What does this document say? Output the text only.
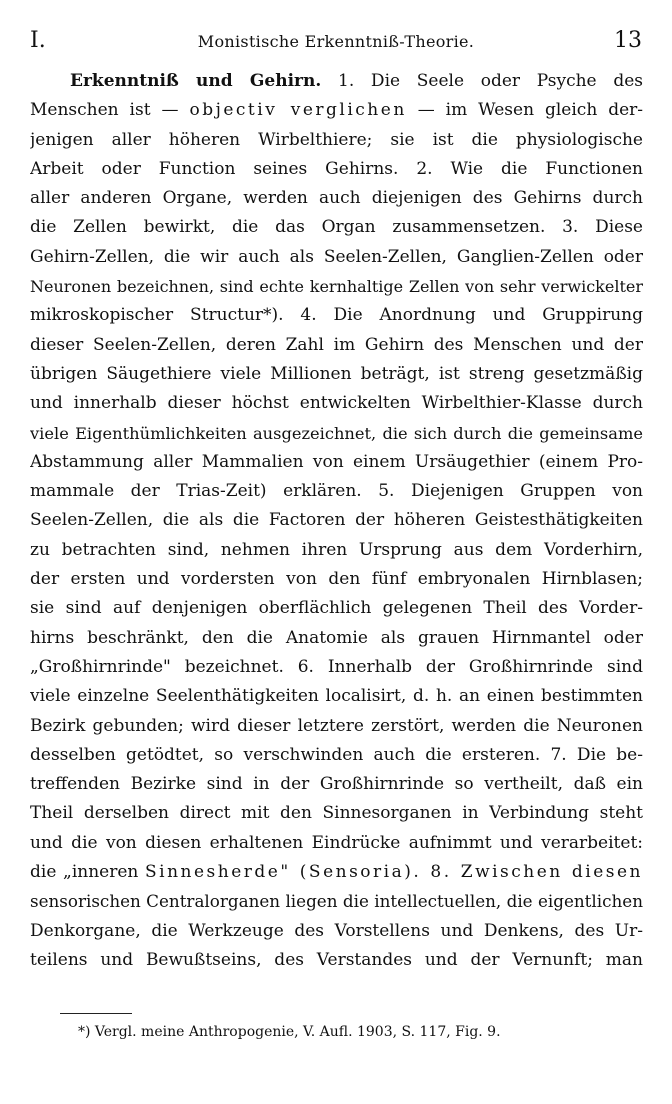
I.	Monistische Erkenntniß-Theorie.	13
Erkenntniß und Gehirn. 1. Die Seele oder Psyche des
Menschen ist — objectiv verglichen — im Wesen gleich der-
jenigen aller höheren Wirbelthiere; sie ist die physiologische
Arbeit oder Function seines Gehirns. 2. Wie die Functionen
aller anderen Organe, werden auch diejenigen des Gehirns durch
die Zellen bewirkt, die das Organ zusammensetzen. 3. Diese
Gehirn-Zellen, die wir auch als Seelen-Zellen, Ganglien-Zellen oder
Neuronen bezeichnen, sind echte kernhaltige Zellen von sehr verwickelter
mikroskopischer Structur*). 4. Die Anordnung und Gruppirung
dieser Seelen-Zellen, deren Zahl im Gehirn des Menschen und der
übrigen Säugethiere viele Millionen beträgt, ist streng gesetzmäßig
und innerhalb dieser höchst entwickelten Wirbelthier-Klasse durch
viele Eigenthümlichkeiten ausgezeichnet, die sich durch die gemeinsame
Abstammung aller Mammalien von einem Ursäugethier (einem Pro-
mammale der Trias-Zeit) erklären. 5. Diejenigen Gruppen von
Seelen-Zellen, die als die Factoren der höheren Geistesthätigkeiten
zu betrachten sind, nehmen ihren Ursprung aus dem Vorderhirn,
der ersten und vordersten von den fünf embryonalen Hirnblasen;
sie sind auf denjenigen oberflächlich gelegenen Theil des Vorder-
hirns beschränkt, den die Anatomie als grauen Hirnmantel oder
„Großhirnrinde" bezeichnet. 6. Innerhalb der Großhirnrinde sind
viele einzelne Seelenthätigkeiten localisirt, d. h. an einen bestimmten
Bezirk gebunden; wird dieser letztere zerstört, werden die Neuronen
desselben getödtet, so verschwinden auch die ersteren. 7. Die be-
treffenden Bezirke sind in der Großhirnrinde so vertheilt, daß ein
Theil derselben direct mit den Sinnesorganen in Verbindung steht
und die von diesen erhaltenen Eindrücke aufnimmt und verarbeitet:
die „inneren Sinnesherde" (Sensoria). 8. Zwischen diesen
sensorischen Centralorganen liegen die intellectuellen, die eigentlichen
Denkorgane, die Werkzeuge des Vorstellens und Denkens, des Ur-
teilens und Bewußtseins, des Verstandes und der Vernunft; man
*) Vergl. meine Anthropogenie, V. Aufl. 1903, S. 117, Fig. 9.
